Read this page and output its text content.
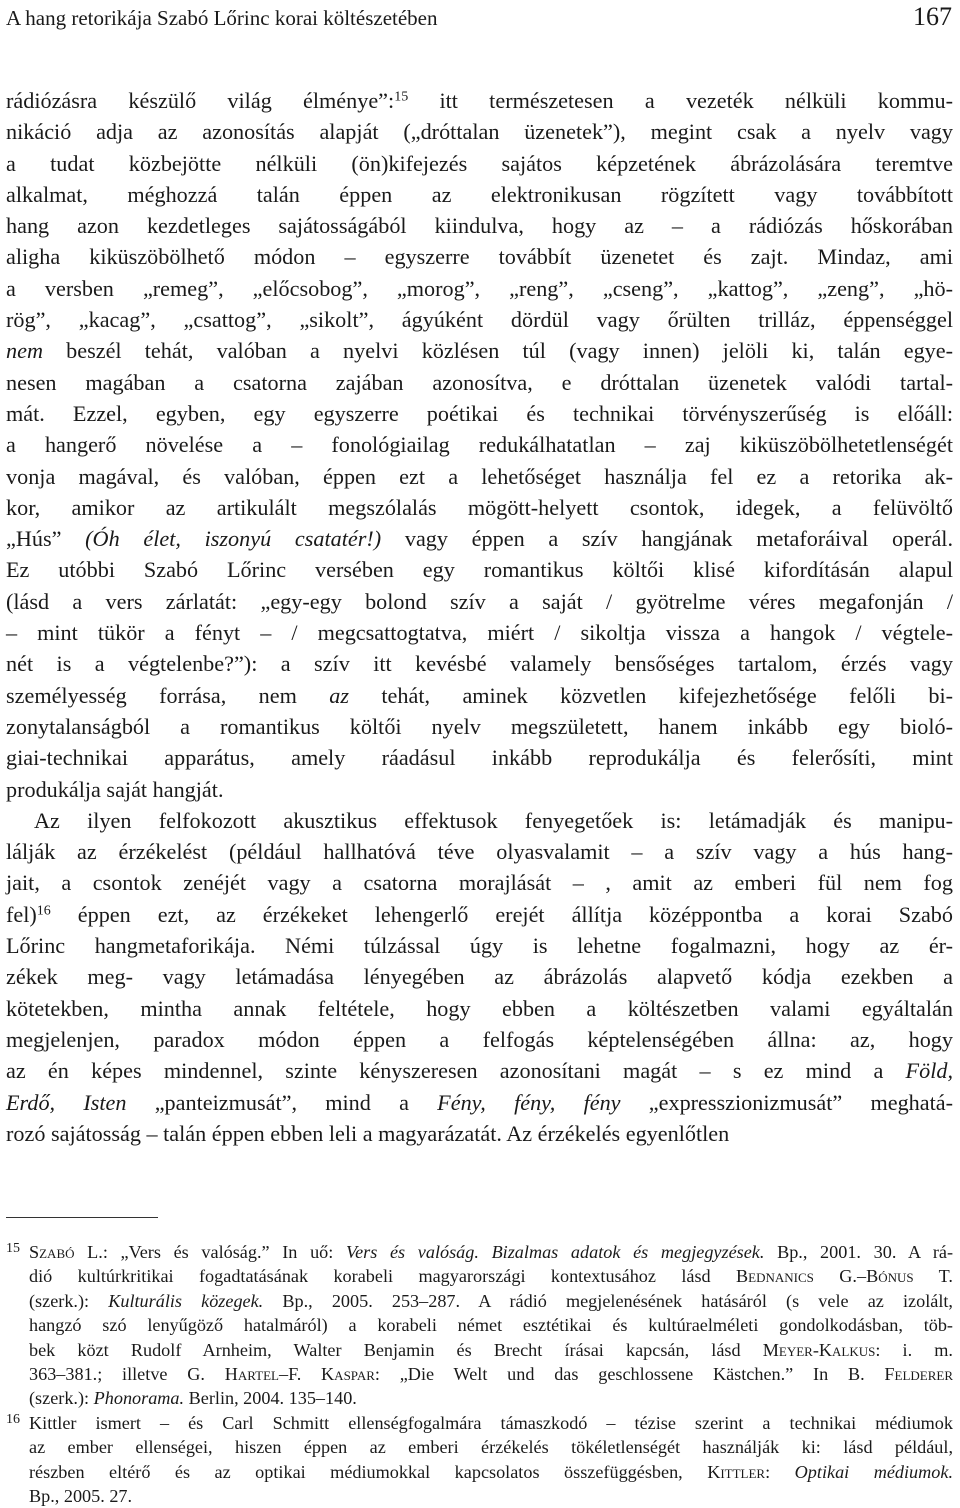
A hang retorikája Szabó Lőrinc korai költészetében	167
rádiózásra készülő világ élménye”:$^{15}$ itt természetesen a vezeték nélküli kommu-
nikáció adja az azonosítás alapját („dróttalan üzenetek”), megint csak a nyelv vagy
a tudat közbejötte nélküli (ön)kifejezés sajátos képzetének ábrázolására teremtve
alkalmat, méghozzá talán éppen az elektronikusan rögzített vagy továbbított
hang azon kezdetleges sajátosságából kiindulva, hogy az – a rádiózás hőskorában
aligha kiküszöbölhető módon – egyszerre továbbít üzenetet és zajt. Mindaz, ami
a versben „remeg”, „előcsobog”, „morog”, „reng”, „cseng”, „kattog”, „zeng”, „hö-
rög”, „kacag”, „csattog”, „sikolt”, ágyúként dördül vagy őrülten trilláz, éppenséggel
nem beszél tehát, valóban a nyelvi közlésen túl (vagy innen) jelöli ki, talán egye-
nesen magában a csatorna zajában azonosítva, e dróttalan üzenetek valódi tartal-
mát. Ezzel, egyben, egy egyszerre poétikai és technikai törvényszerűség is előáll:
a hangerő növelése a – fonológiailag redukálhatatlan – zaj kiküszöbölhetetlenségét
vonja magával, és valóban, éppen ezt a lehetőséget használja fel ez a retorika ak-
kor, amikor az artikulált megszólalás mögött-helyett csontok, idegek, a felüvöltő
„Hús” (Óh élet, iszonyú csatatér!) vagy éppen a szív hangjának metaforáival operál.
Ez utóbbi Szabó Lőrinc versében egy romantikus költői klisé kifordításán alapul
(lásd a vers zárlatát: „egy-egy bolond szív a saját / gyötrelme véres megafonján /
– mint tükör a fényt – / megcsattogtatva, miért / sikoltja vissza a hangok / végtele-
nét is a végtelenbe?”): a szív itt kevésbé valamely bensőséges tartalom, érzés vagy
személyesség forrása, nem az tehát, aminek közvetlen kifejezhetősége felőli bi-
zonytalanságból a romantikus költői nyelv megszületett, hanem inkább egy bioló-
giai-technikai apparátus, amely ráadásul inkább reprodukálja és felerősíti, mint
produkálja saját hangját.
Az ilyen felfokozott akusztikus effektusok fenyegetőek is: letámadják és manipu-
lálják az érzékelést (például hallhatóvá téve olyasvalamit – a szív vagy a hús hang-
jait, a csontok zenéjét vagy a csatorna morajlását – , amit az emberi fül nem fog
fel)$^{16}$ éppen ezt, az érzékeket lehengerlő erejét állítja középpontba a korai Szabó
Lőrinc hangmetaforikája. Némi túlzással úgy is lehetne fogalmazni, hogy az ér-
zékek meg- vagy letámadása lényegében az ábrázolás alapvető kódja ezekben a
kötetekben, mintha annak feltétele, hogy ebben a költészetben valami egyáltalán
megjelenjen, paradox módon éppen a felfogás képtelenségében állna: az, hogy
az én képes mindennel, szinte kényszeresen azonosítani magát – s ez mind a Föld,
Erdő, Isten „panteizmusát”, mind a Fény, fény, fény „expresszionizmusát” meghatá-
rozó sajátosság – talán éppen ebben leli a magyarázatát. Az érzékelés egyenlőtlen
15 Szabó L.: „Vers és valóság.” In uő: Vers és valóság. Bizalmas adatok és megjegyzések. Bp., 2001. 30. A rá-
dió kultúrkritikai fogadtatásának korabeli magyarországi kontextusához lásd Bednanics G.–Bónus T.
(szerk.): Kulturális közegek. Bp., 2005. 253–287. A rádió megjelenésének hatásáról (s vele az izolált,
hangzó szó lenyűgöző hatalmáról) a korabeli német esztétikai és kultúraelméleti gondolkodásban, töb-
bek közt Rudolf Arnheim, Walter Benjamin és Brecht írásai kapcsán, lásd Meyer-Kalkus: i. m.
363–381.; illetve G. Hartel–F. Kaspar: „Die Welt und das geschlossene Kästchen.” In B. Felderer
(szerk.): Phonorama. Berlin, 2004. 135–140.
16 Kittler ismert – és Carl Schmitt ellenségfogalmára támaszkodó – tézise szerint a technikai médiumok
az ember ellenségei, hiszen éppen az emberi érzékelés tökéletlenségét használják ki: lásd például,
részben eltérő és az optikai médiumokkal kapcsolatos összefüggésben, Kittler: Optikai médiumok.
Bp., 2005. 27.
